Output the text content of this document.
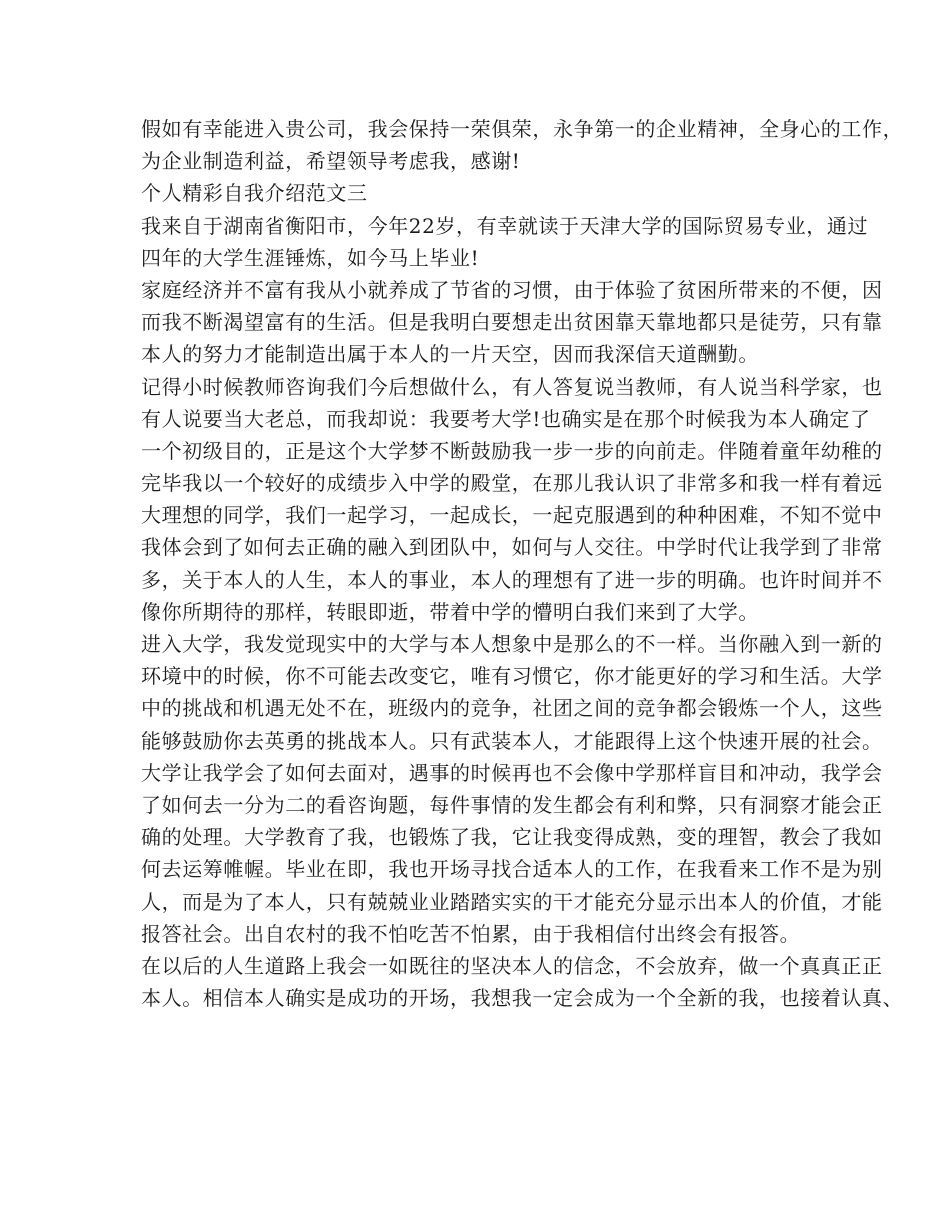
假如有幸能进入贵公司，我会保持一荣俱荣，永争第一的企业精神，全身心的工作，
为企业制造利益，希望领导考虑我，感谢!
个人精彩自我介绍范文三
我来自于湖南省衡阳市，今年22岁，有幸就读于天津大学的国际贸易专业，通过
四年的大学生涯锤炼，如今马上毕业!
家庭经济并不富有我从小就养成了节省的习惯，由于体验了贫困所带来的不便，因
而我不断渴望富有的生活。但是我明白要想走出贫困靠天靠地都只是徒劳，只有靠
本人的努力才能制造出属于本人的一片天空，因而我深信天道酬勤。
记得小时候教师咨询我们今后想做什么，有人答复说当教师，有人说当科学家，也
有人说要当大老总，而我却说：我要考大学!也确实是在那个时候我为本人确定了
一个初级目的，正是这个大学梦不断鼓励我一步一步的向前走。伴随着童年幼稚的
完毕我以一个较好的成绩步入中学的殿堂，在那儿我认识了非常多和我一样有着远
大理想的同学，我们一起学习，一起成长，一起克服遇到的种种困难，不知不觉中
我体会到了如何去正确的融入到团队中，如何与人交往。中学时代让我学到了非常
多，关于本人的人生，本人的事业，本人的理想有了进一步的明确。也许时间并不
像你所期待的那样，转眼即逝，带着中学的懵明白我们来到了大学。
进入大学，我发觉现实中的大学与本人想象中是那么的不一样。当你融入到一新的
环境中的时候，你不可能去改变它，唯有习惯它，你才能更好的学习和生活。大学
中的挑战和机遇无处不在，班级内的竞争，社团之间的竞争都会锻炼一个人，这些
能够鼓励你去英勇的挑战本人。只有武装本人，才能跟得上这个快速开展的社会。
大学让我学会了如何去面对，遇事的时候再也不会像中学那样盲目和冲动，我学会
了如何去一分为二的看咨询题，每件事情的发生都会有利和弊，只有洞察才能会正
确的处理。大学教育了我，也锻炼了我，它让我变得成熟，变的理智，教会了我如
何去运筹帷幄。毕业在即，我也开场寻找合适本人的工作，在我看来工作不是为别
人，而是为了本人，只有兢兢业业踏踏实实的干才能充分显示出本人的价值，才能
报答社会。出自农村的我不怕吃苦不怕累，由于我相信付出终会有报答。
在以后的人生道路上我会一如既往的坚决本人的信念，不会放弃，做一个真真正正
本人。相信本人确实是成功的开场，我想我一定会成为一个全新的我，也接着认真、
